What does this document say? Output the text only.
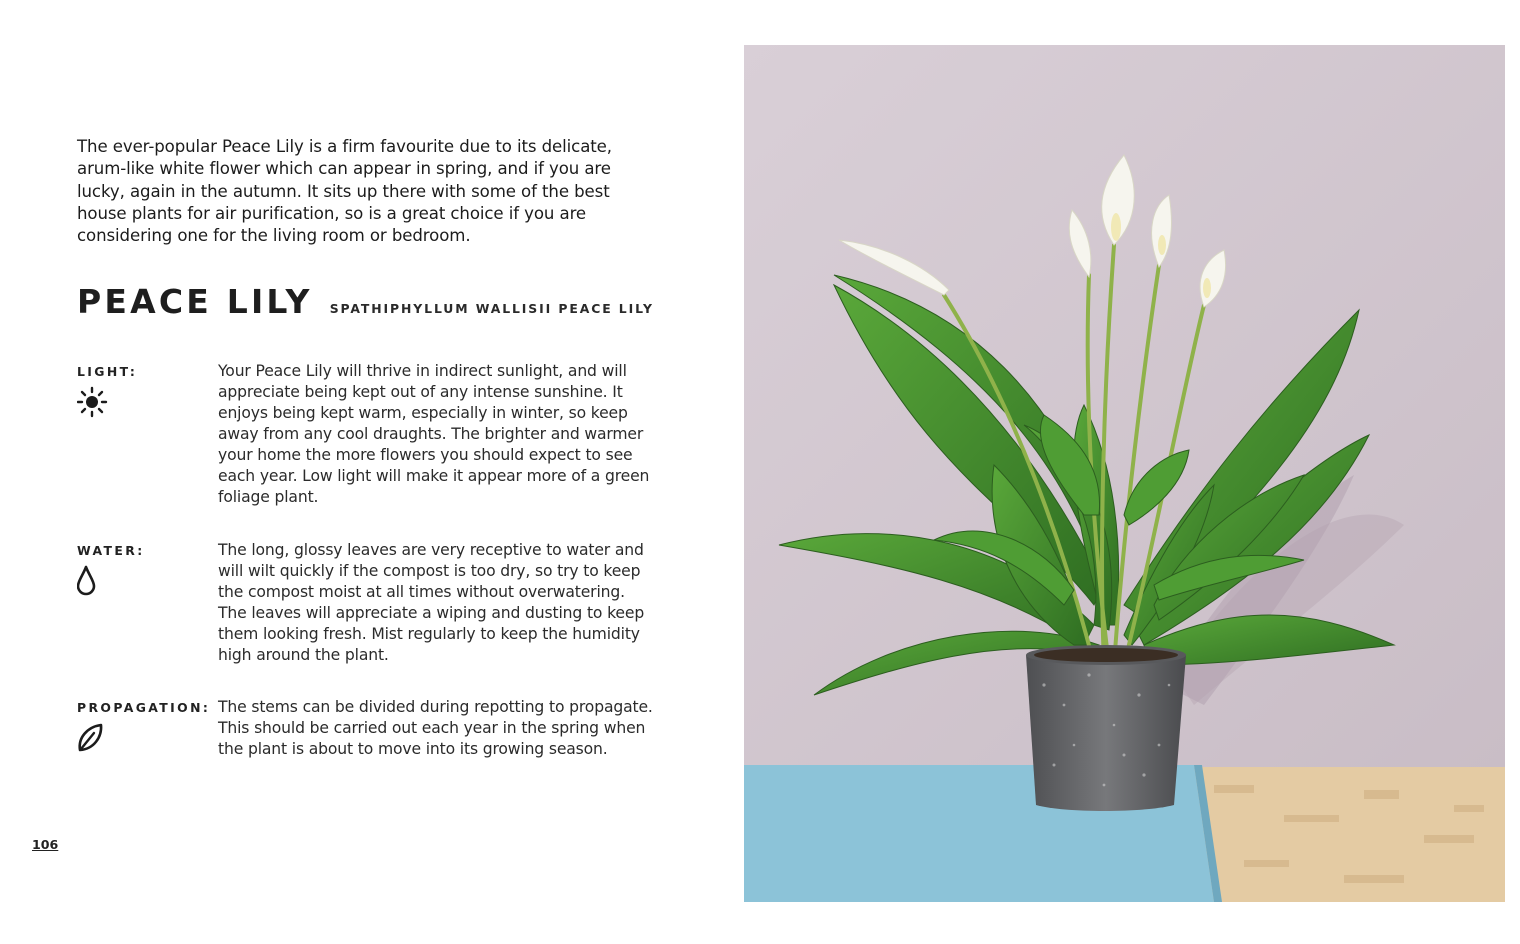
The ever-popular Peace Lily is a firm favourite due to its delicate, arum-like white flower which can appear in spring, and if you are lucky, again in the autumn. It sits up there with some of the best house plants for air purification, so is a great choice if you are considering one for the living room or bedroom.
PEACE LILY SPATHIPHYLLUM WALLISII PEACE LILY
LIGHT:	Your Peace Lily will thrive in indirect sunlight, and will appreciate being kept out of any intense sunshine. It enjoys being kept warm, especially in winter, so keep away from any cool draughts. The brighter and warmer your home the more flowers you should expect to see each year. Low light will make it appear more of a green foliage plant.
WATER:	The long, glossy leaves are very receptive to water and will wilt quickly if the compost is too dry, so try to keep the compost moist at all times without overwatering. The leaves will appreciate a wiping and dusting to keep them looking fresh. Mist regularly to keep the humidity high around the plant.
PROPAGATION: The stems can be divided during repotting to propagate. This should be carried out each year in the spring when the plant is about to move into its growing season.
106
